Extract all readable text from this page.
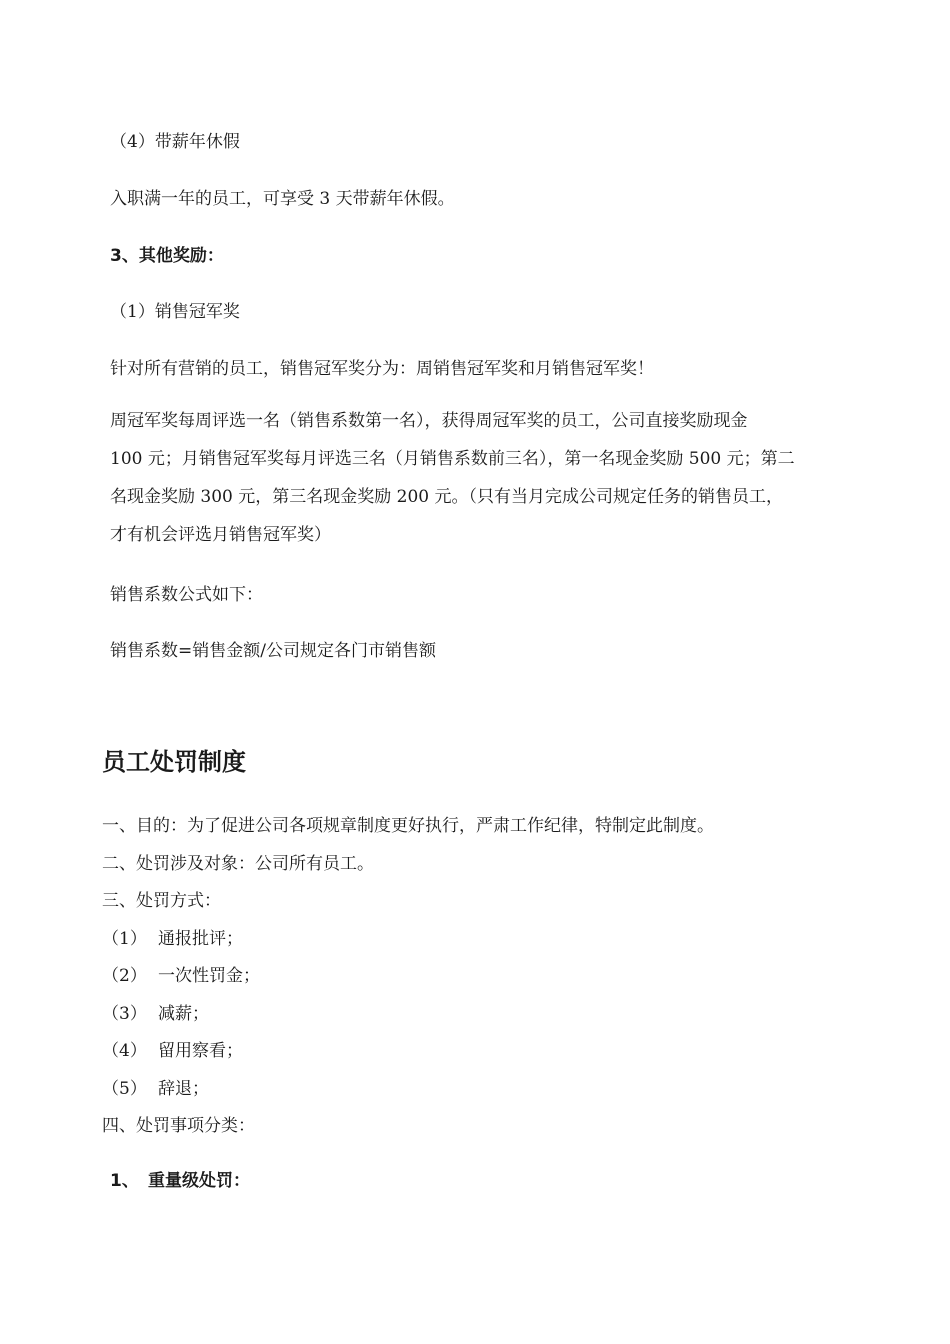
（4）带薪年休假
入职满一年的员工，可享受 3 天带薪年休假。
3、其他奖励：
（1）销售冠军奖
针对所有营销的员工，销售冠军奖分为：周销售冠军奖和月销售冠军奖！
周冠军奖每周评选一名（销售系数第一名），获得周冠军奖的员工，公司直接奖励现金
100 元；月销售冠军奖每月评选三名（月销售系数前三名），第一名现金奖励 500 元；第二
名现金奖励 300 元，第三名现金奖励 200 元。（只有当月完成公司规定任务的销售员工，
才有机会评选月销售冠军奖）
销售系数公式如下：
销售系数=销售金额/公司规定各门市销售额
员工处罚制度
一、目的：为了促进公司各项规章制度更好执行，严肃工作纪律，特制定此制度。
二、处罚涉及对象：公司所有员工。
三、处罚方式：
（1） 通报批评；
（2） 一次性罚金；
（3） 减薪；
（4） 留用察看；
（5） 辞退；
四、处罚事项分类：
1、 重量级处罚：
